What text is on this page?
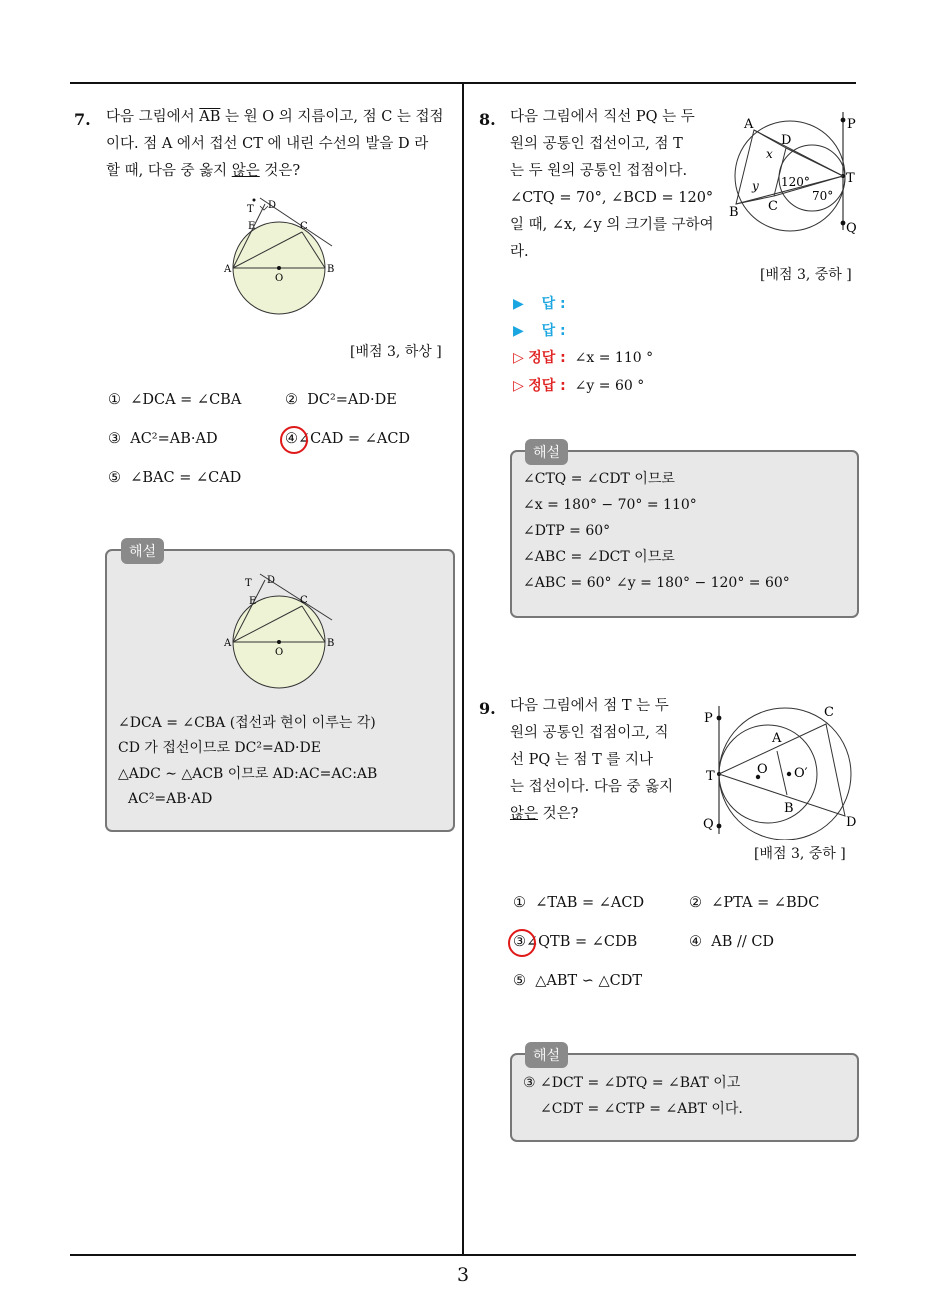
3
7. 다음 그림에서 $\overline{AB}$ 는 원 O 의 지름이고, 점 C 는 접점
이다. 점 A 에서 접선 CT 에 내린 수선의 발을 D 라
할 때, 다음 중 옳지 않은 것은?
T D
E	C
A
O
B
[배점 3, 하상 ]
① ∠DCA = ∠CBA	② DC²=AD·DE
③ AC²=AB·AD	④∠CAD = ∠ACD
⑤ ∠BAC = ∠CAD
해설
T D
E	C
A
O
B
∠DCA = ∠CBA (접선과 현이 이루는 각)
CD 가 접선이므로 DC²=AD·DE
△ADC ∼ △ACB 이므로 AD:AC=AC:AB
AC²=AB·AD
8. 다음 그림에서 직선 PQ 는 두
원의 공통인 접선이고, 점 T
는 두 원의 공통인 접점이다.
∠CTQ = 70°, ∠BCD = 120°
일 때, ∠x, ∠y 의 크기를 구하여
라.
A
D
P
x
y 120°
70°
T
B C
Q
[배점 3, 중하 ]
▶ 답 :
▶ 답 :
▷ 정답 : ∠x = 110 °
▷ 정답 : ∠y = 60 °
해설
∠CTQ = ∠CDT 이므로
∠x = 180° − 70° = 110°
∠DTP = 60°
∠ABC = ∠DCT 이므로
∠ABC = 60° ∠y = 180° − 120° = 60°
9. 다음 그림에서 점 T 는 두
원의 공통인 접점이고, 직
선 PQ 는 점 T 를 지나
는 접선이다. 다음 중 옳지
않은 것은?
P	C
A
O O′
T
B
Q	D
[배점 3, 중하 ]
① ∠TAB = ∠ACD	② ∠PTA = ∠BDC
③∠QTB = ∠CDB	④ AB // CD
⑤ △ABT ∽ △CDT
해설
③ ∠DCT = ∠DTQ = ∠BAT 이고
∠CDT = ∠CTP = ∠ABT 이다.
